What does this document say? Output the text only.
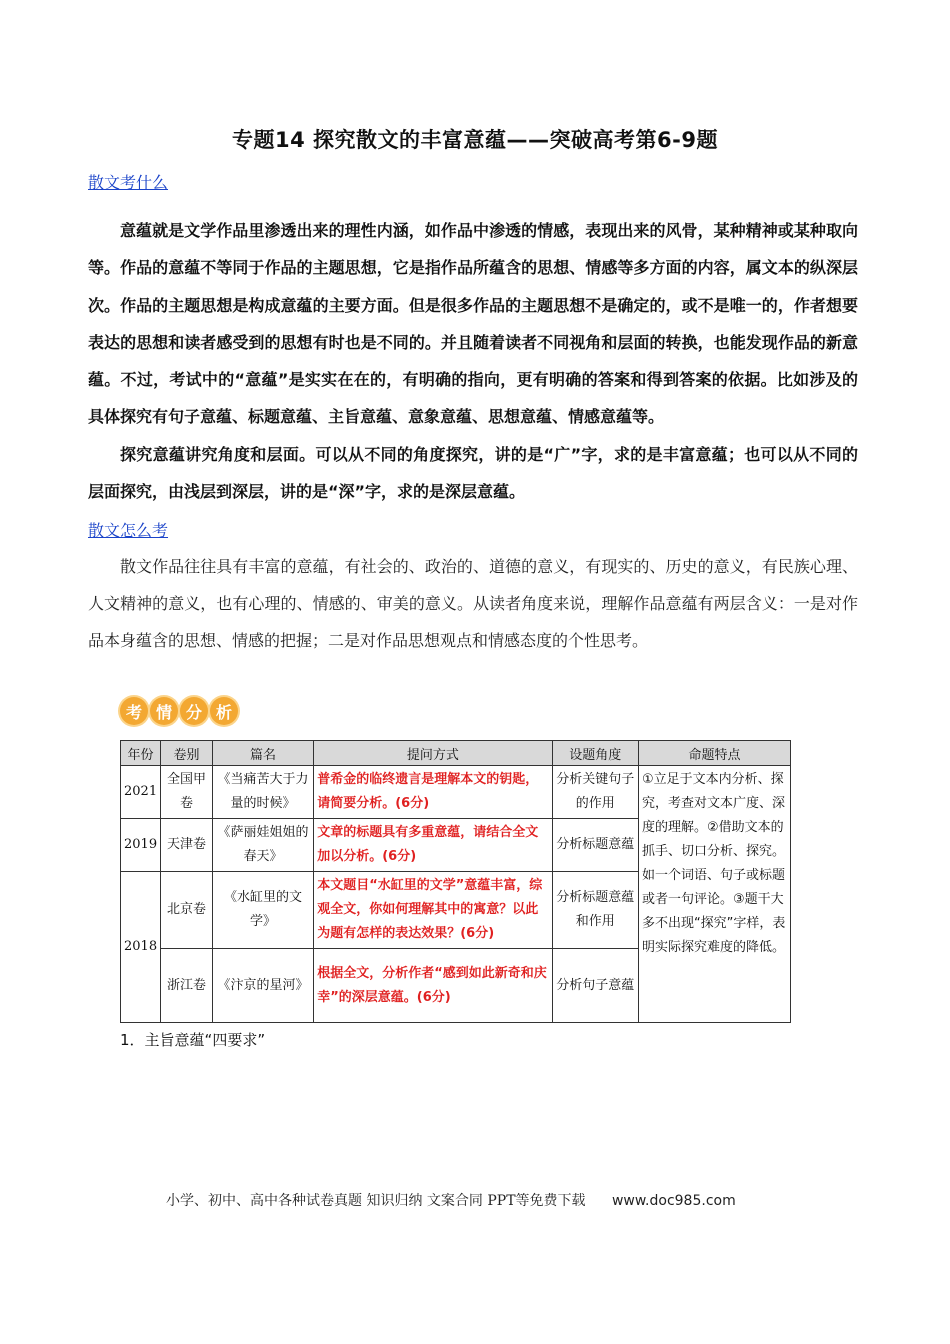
专题14 探究散文的丰富意蕴——突破高考第6-9题
散文考什么

意蕴就是文学作品里渗透出来的理性内涵，如作品中渗透的情感，表现出来的风骨，某种精神或某种取向等。作品的意蕴不等同于作品的主题思想，它是指作品所蕴含的思想、情感等多方面的内容，属文本的纵深层次。作品的主题思想是构成意蕴的主要方面。但是很多作品的主题思想不是确定的，或不是唯一的，作者想要表达的思想和读者感受到的思想有时也是不同的。并且随着读者不同视角和层面的转换，也能发现作品的新意蕴。不过，考试中的“意蕴”是实实在在的，有明确的指向，更有明确的答案和得到答案的依据。比如涉及的具体探究有句子意蕴、标题意蕴、主旨意蕴、意象意蕴、思想意蕴、情感意蕴等。

探究意蕴讲究角度和层面。可以从不同的角度探究，讲的是“广”字，求的是丰富意蕴；也可以从不同的层面探究，由浅层到深层，讲的是“深”字，求的是深层意蕴。

散文怎么考

散文作品往往具有丰富的意蕴，有社会的、政治的、道德的意义，有现实的、历史的意义，有民族心理、人文精神的意义，也有心理的、情感的、审美的意义。从读者角度来说，理解作品意蕴有两层含义：一是对作品本身蕴含的思想、情感的把握；二是对作品思想观点和情感态度的个性思考。

考 情 分 析
年份	卷别	篇名	提问方式	设题角度	命题特点
2021	全国甲卷	《当痛苦大于力量的时候》	普希金的临终遗言是理解本文的钥匙，请简要分析。(6分)	分析关键句子的作用	①立足于文本内分析、探究，考查对文本广度、深度的理解。②借助文本的抓手、切口分析、探究。如一个词语、句子或标题或者一句评论。③题干大多不出现“探究”字样，表明实际探究难度的降低。
2019	天津卷	《萨丽娃姐姐的春天》	文章的标题具有多重意蕴，请结合全文加以分析。(6分)	分析标题意蕴	
2018	北京卷	《水缸里的文学》	本文题目“水缸里的文学”意蕴丰富，综观全文，你如何理解其中的寓意？以此为题有怎样的表达效果？(6分)	分析标题意蕴和作用	
	浙江卷	《汴京的星河》	根据全文，分析作者“感到如此新奇和庆幸”的深层意蕴。(6分)	分析句子意蕴	
1．主旨意蕴“四要求”
小学、初中、高中各种试卷真题 知识归纳 文案合同 PPT等免费下载 www.doc985.com
